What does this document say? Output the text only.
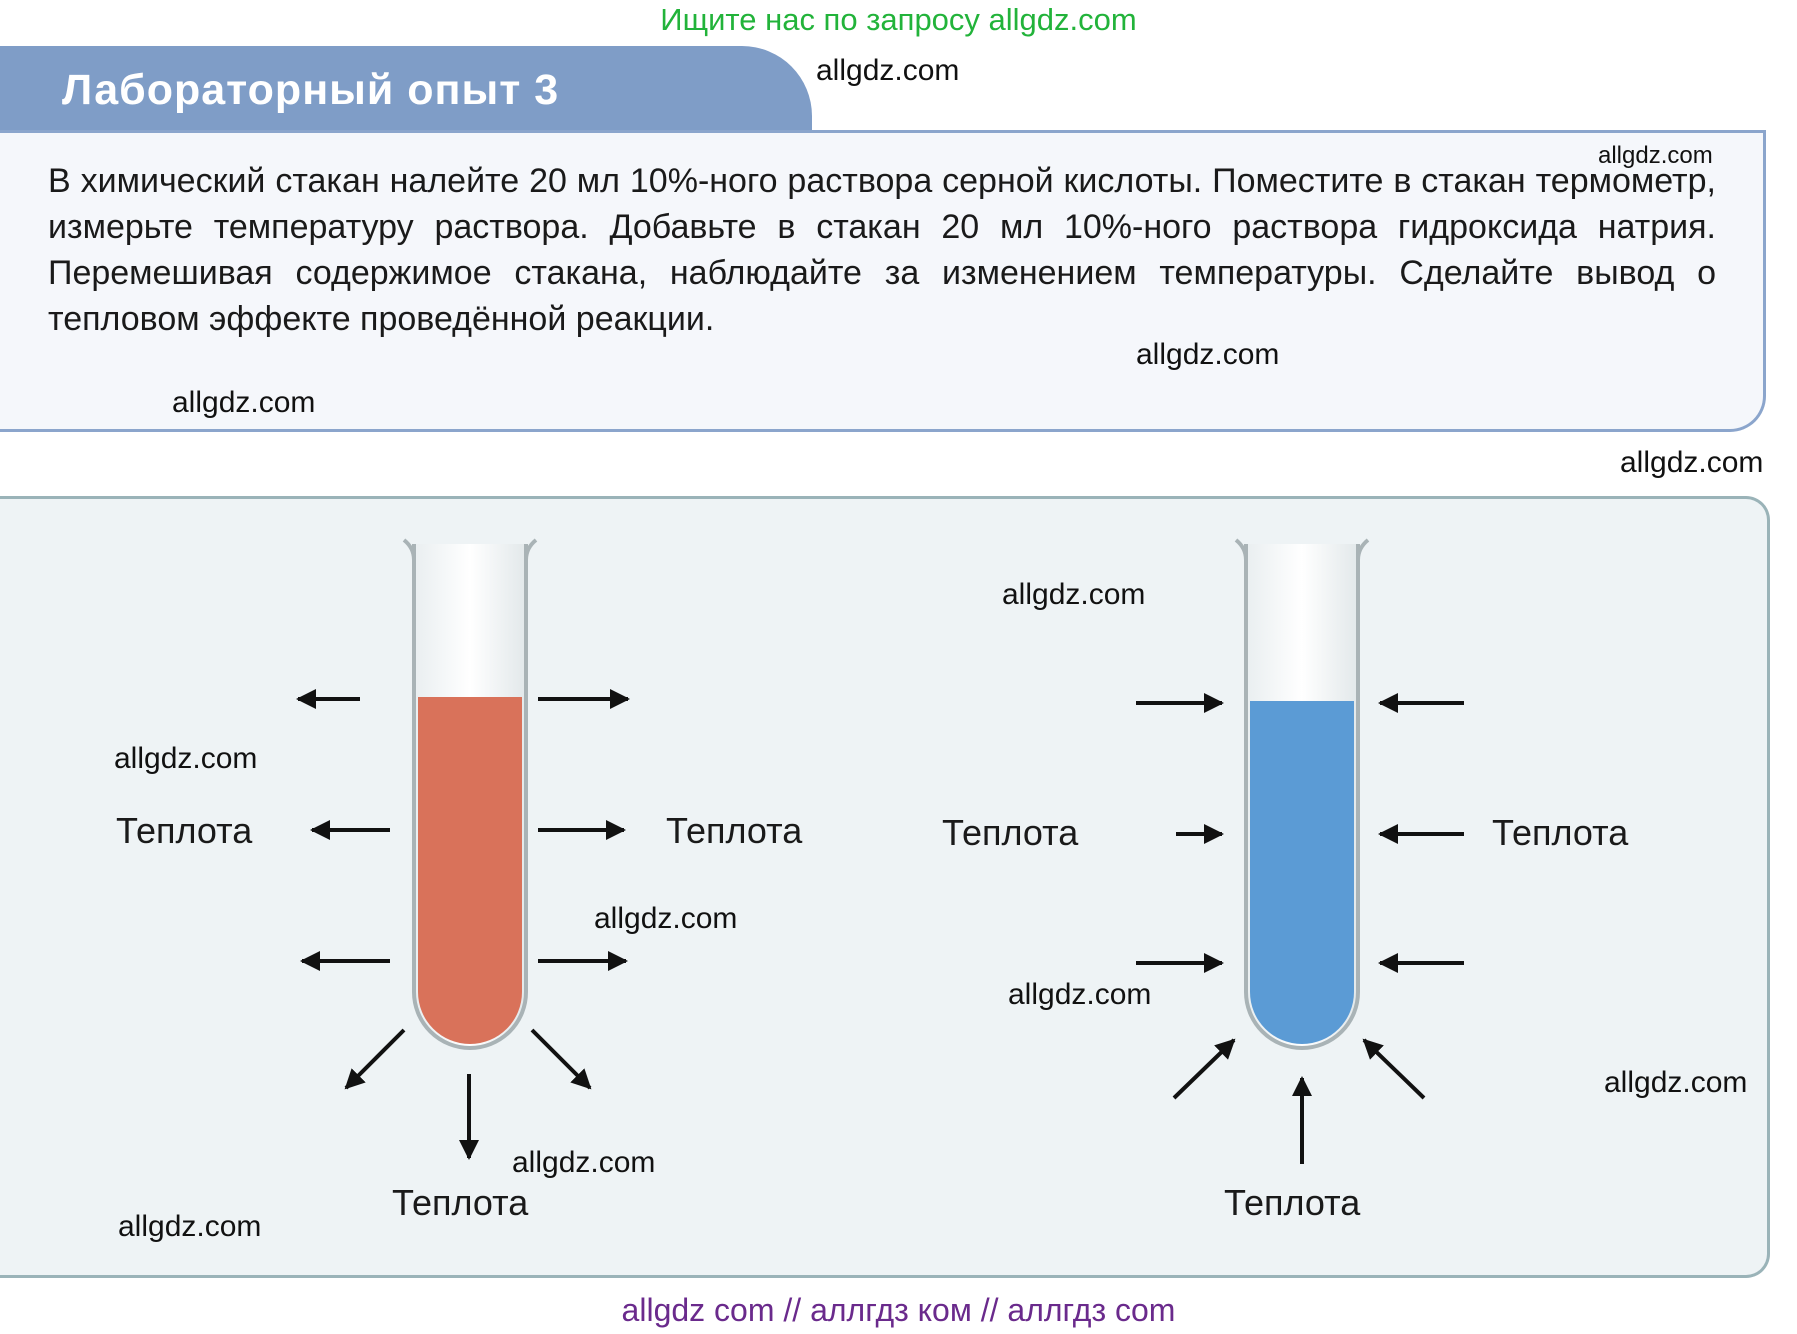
Ищите нас по запросу allgdz.com
Лабораторный опыт 3
В химический стакан налейте 20 мл 10%-ного раствора серной кислоты. Поместите в стакан термометр, измерьте температуру раствора. Добавьте в стакан 20 мл 10%-ного раствора гидроксида натрия. Перемешивая содержимое стакана, наблюдайте за изменением температуры. Сделайте вывод о тепловом эффекте проведённой реакции.
Теплота	Теплота
Теплота
Теплота	Теплота
Теплота
allgdz.com
allgdz.com
allgdz.com
allgdz.com
allgdz.com
allgdz.com
allgdz.com
allgdz.com
allgdz.com
allgdz.com
allgdz.com
allgdz.com
allgdz com // аллгдз ком // аллгдз com
